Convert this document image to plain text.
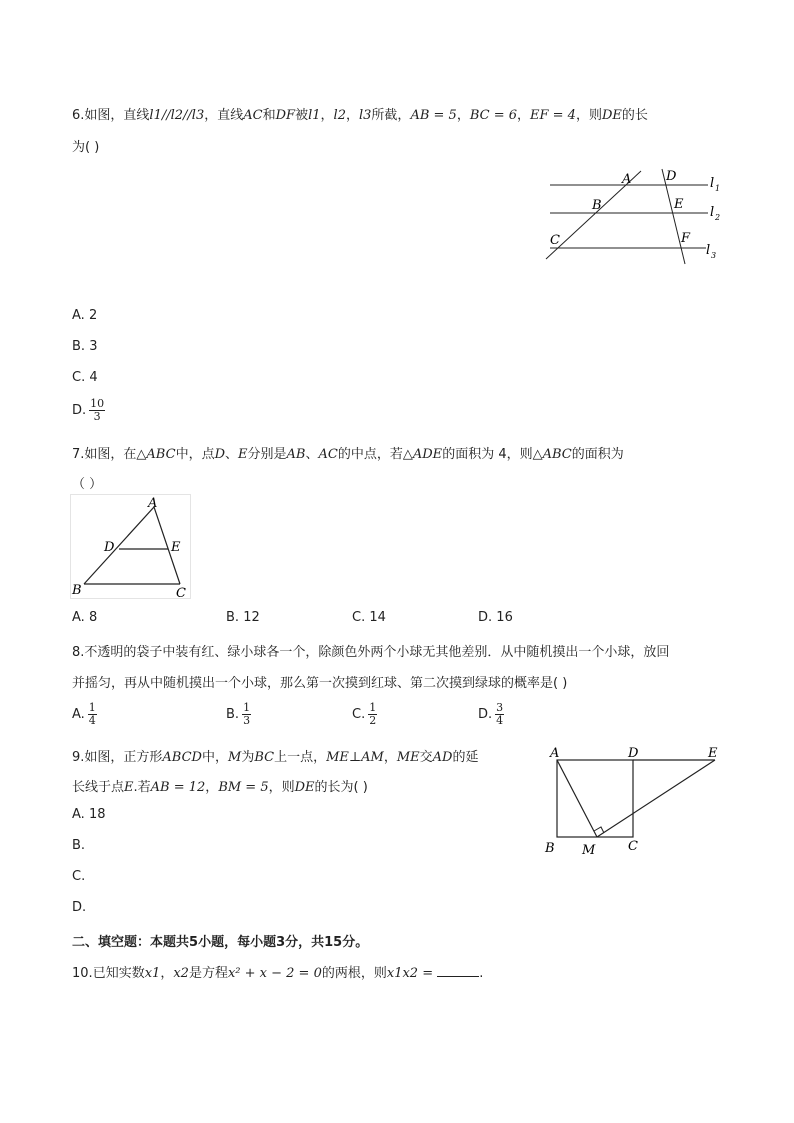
6.如图，直线l1//l2//l3，直线AC和DF被l1，l2，l3所截，AB = 5，BC = 6，EF = 4，则DE的长
为( )
A	D
B	E
C	F
l 1
l 2
l 3
A. 2
B. 3
C. 4
D. $\frac{10}{3}$
7.如图，在△ABC中，点D、E分别是AB、AC的中点，若△ADE的面积为 4，则△ABC的面积为
（ ）
A
D	E
B	C
A. 8	B. 12	C. 14	D. 16
8.不透明的袋子中装有红、绿小球各一个，除颜色外两个小球无其他差别．从中随机摸出一个小球，放回
并摇匀，再从中随机摸出一个小球，那么第一次摸到红球、第二次摸到绿球的概率是( )
A. $\frac{1}{4}$	B. $\frac{1}{3}$	C. $\frac{1}{2}$	D. $\frac{3}{4}$
9.如图，正方形ABCD中，M为BC上一点，ME⊥AM，ME交AD的延
长线于点E.若AB = 12，BM = 5，则DE的长为( )
A	D	E
B M	C
A. 18
B.
C.
D.
二、填空题：本题共5小题，每小题3分，共15分。
10.已知实数x1，x2是方程x² + x − 2 = 0的两根，则x1x2 =	.
